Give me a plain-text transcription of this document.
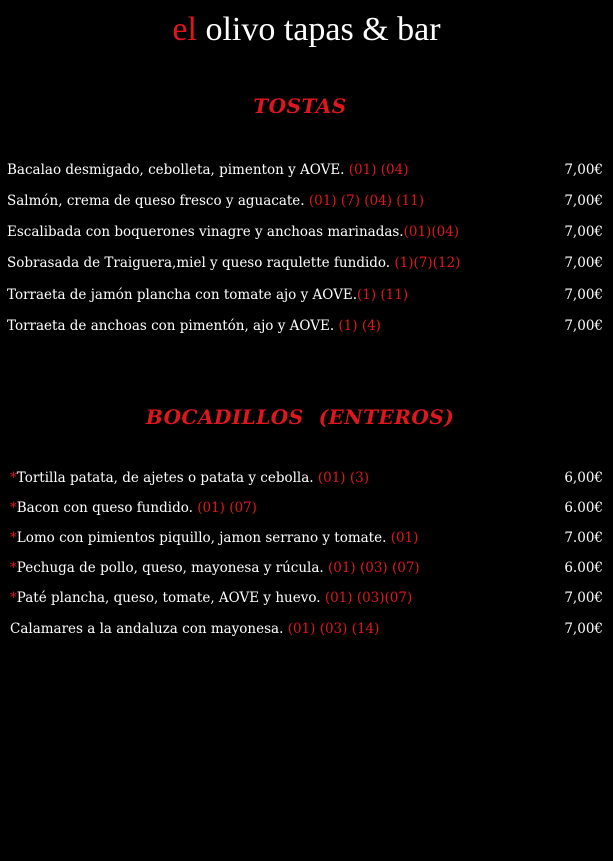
el olivo tapas & bar
TOSTAS
Bacalao desmigado, cebolleta, pimenton y AOVE. (01) (04)	7,00€
Salmón, crema de queso fresco y aguacate. (01) (7) (04) (11)	7,00€
Escalibada con boquerones vinagre y anchoas marinadas.(01)(04)	7,00€
Sobrasada de Traiguera,miel y queso raqulette fundido. (1)(7)(12)	7,00€
Torraeta de jamón plancha con tomate ajo y AOVE.(1) (11)	7,00€
Torraeta de anchoas con pimentón, ajo y AOVE. (1) (4)	7,00€
BOCADILLOS  (ENTEROS)
*Tortilla patata, de ajetes o patata y cebolla. (01) (3)	6,00€
*Bacon con queso fundido. (01) (07)	6.00€
*Lomo con pimientos piquillo, jamon serrano y tomate. (01)	7.00€
*Pechuga de pollo, queso, mayonesa y rúcula. (01) (03) (07)	6.00€
*Paté plancha, queso, tomate, AOVE y huevo. (01) (03)(07)	7,00€
Calamares a la andaluza con mayonesa. (01) (03) (14)	7,00€
